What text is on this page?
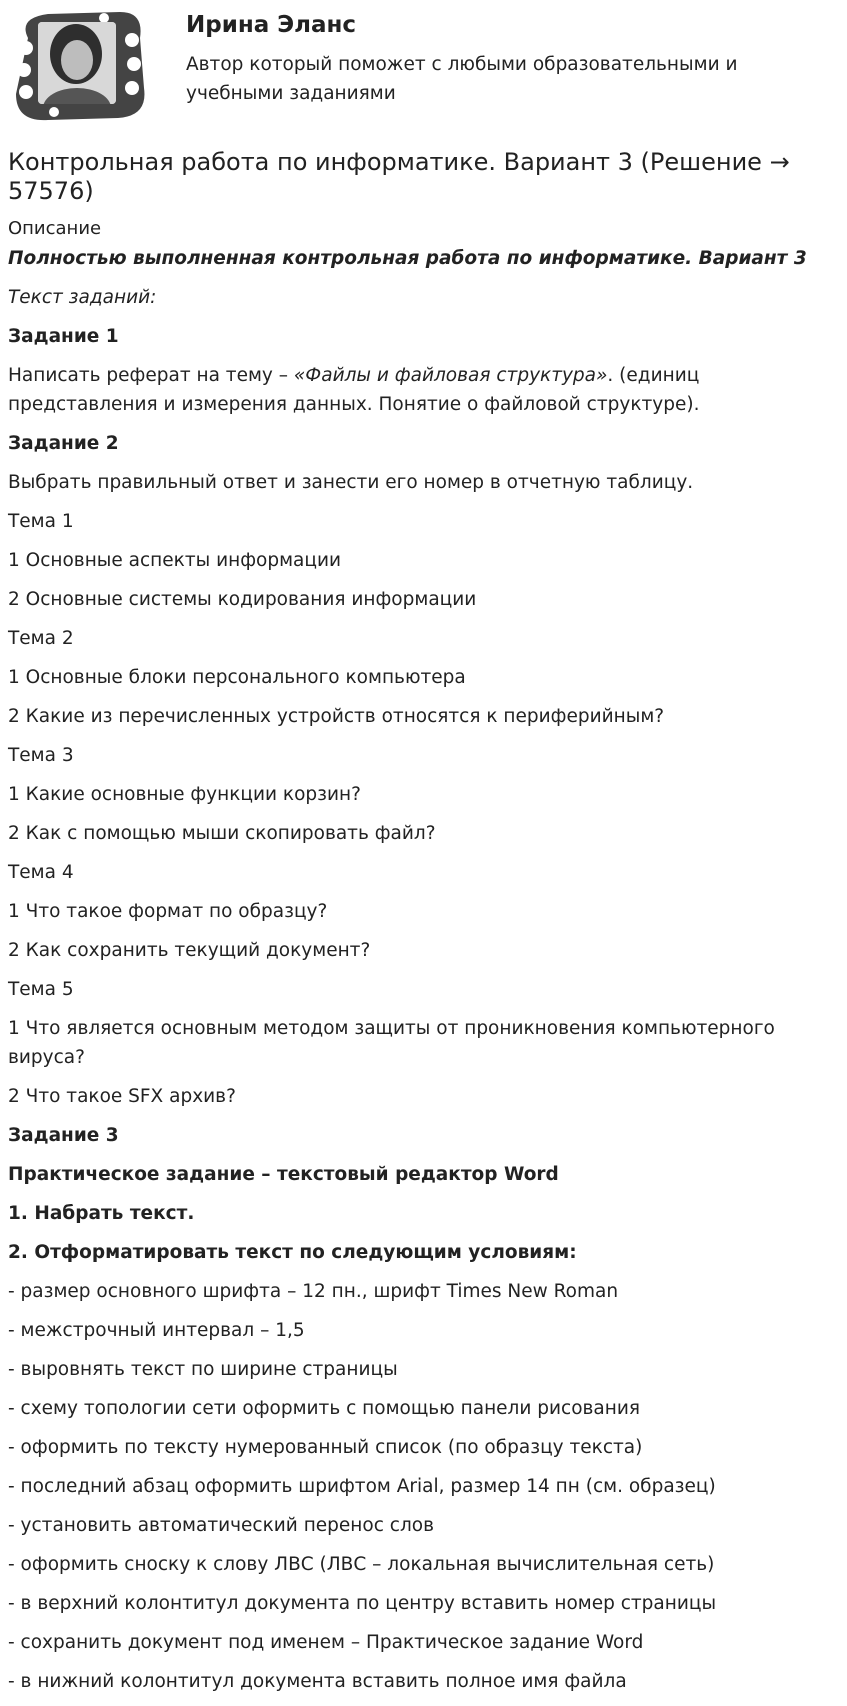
Ирина Эланс
Автор который поможет с любыми образовательными и учебными заданиями
Контрольная работа по информатике. Вариант 3 (Решение → 57576)
Описание

Полностью выполненная контрольная работа по информатике. Вариант 3

Текст заданий:

Задание 1

Написать реферат на тему – «Файлы и файловая структура». (единиц представления и измерения данных. Понятие о файловой структуре).

Задание 2

Выбрать правильный ответ и занести его номер в отчетную таблицу.

Тема 1

1 Основные аспекты информации

2 Основные системы кодирования информации

Тема 2

1 Основные блоки персонального компьютера

2 Какие из перечисленных устройств относятся к периферийным?

Тема 3

1 Какие основные функции корзин?

2 Как с помощью мыши скопировать файл?

Тема 4

1 Что такое формат по образцу?

2 Как сохранить текущий документ?

Тема 5

1 Что является основным методом защиты от проникновения компьютерного вируса?

2 Что такое SFX архив?

Задание 3

Практическое задание – текстовый редактор Word

1. Набрать текст.

2. Отформатировать текст по следующим условиям:

- размер основного шрифта – 12 пн., шрифт Times New Roman

- межстрочный интервал – 1,5

- выровнять текст по ширине страницы

- схему топологии сети оформить с помощью панели рисования

- оформить по тексту нумерованный список (по образцу текста)

- последний абзац оформить шрифтом Arial, размер 14 пн (см. образец)

- установить автоматический перенос слов

- оформить сноску к слову ЛВС (ЛВС – локальная вычислительная сеть)

- в верхний колонтитул документа по центру вставить номер страницы

- сохранить документ под именем – Практическое задание Word

- в нижний колонтитул документа вставить полное имя файла
